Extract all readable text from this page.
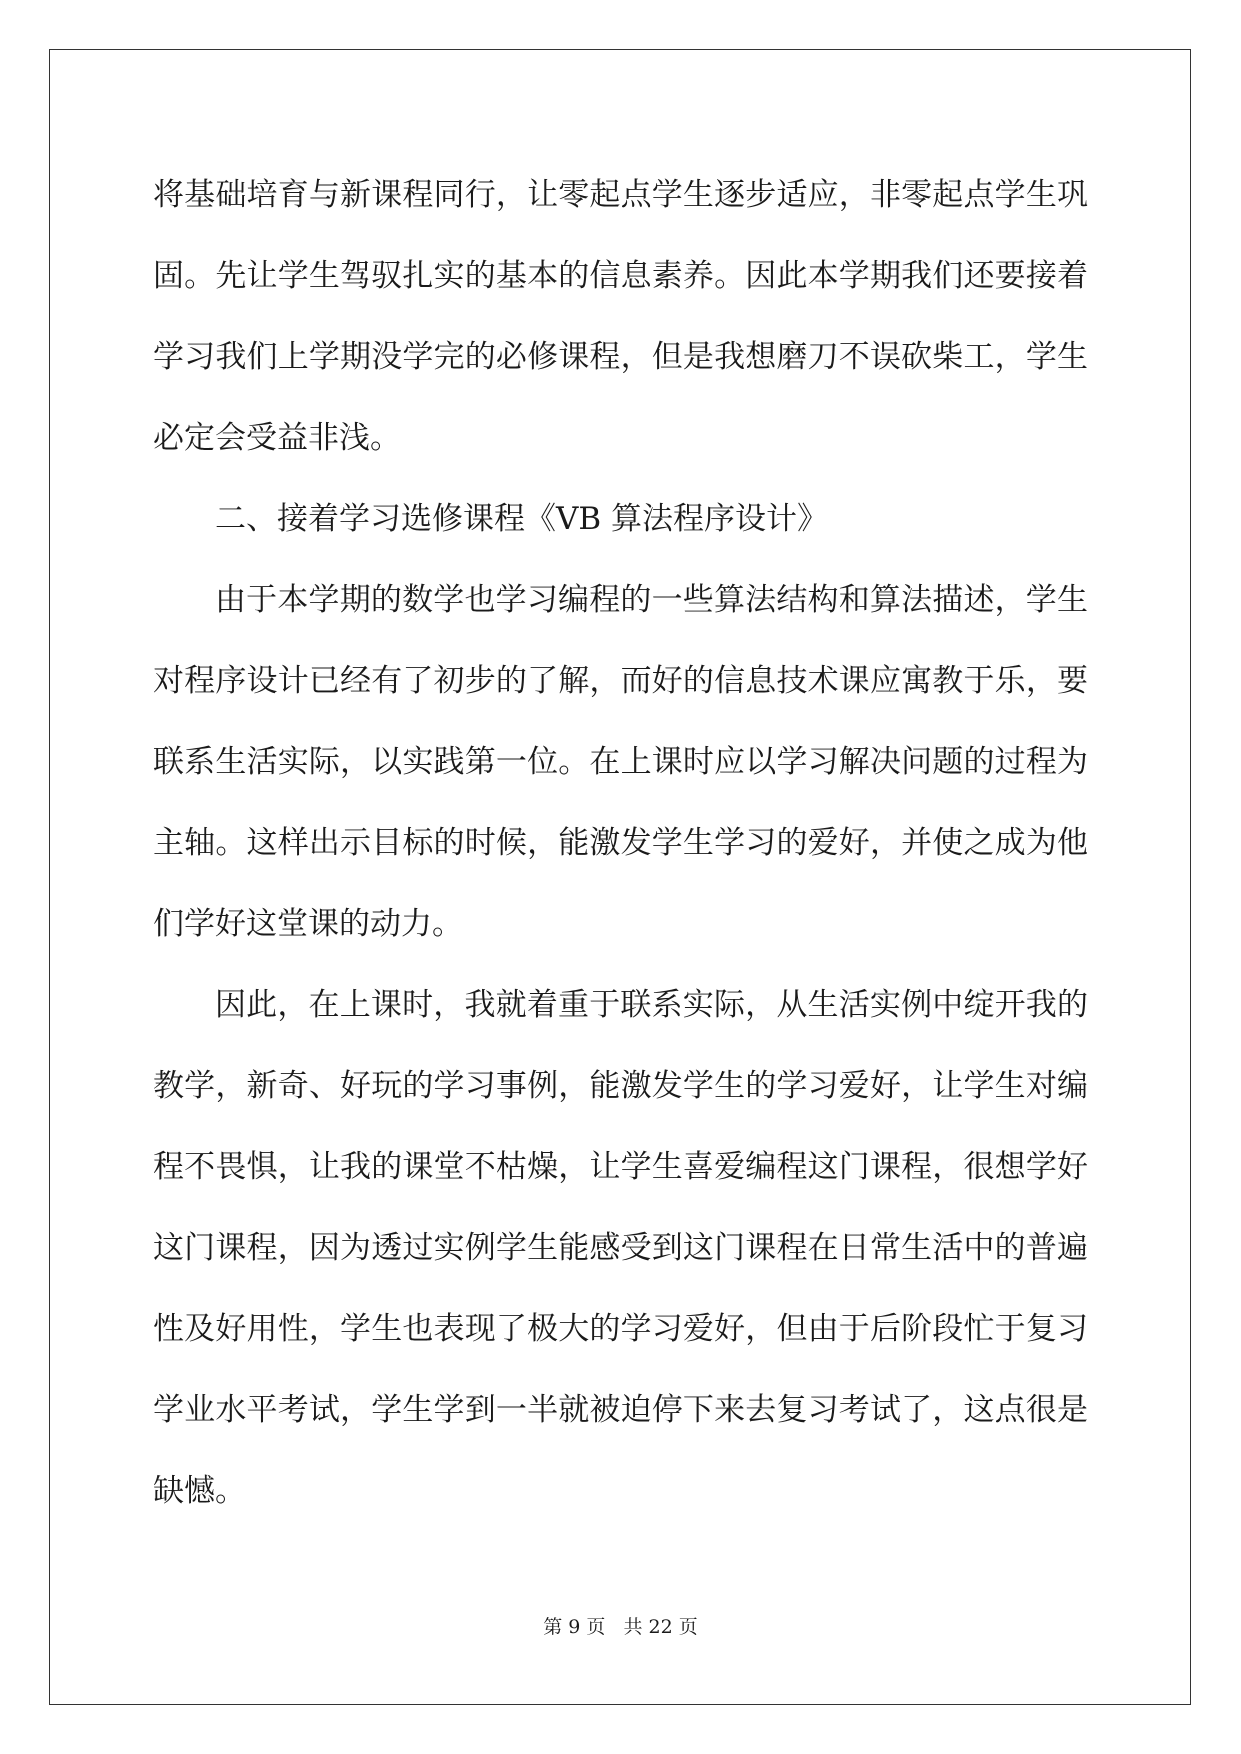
将基础培育与新课程同行，让零起点学生逐步适应，非零起点学生巩
固。先让学生驾驭扎实的基本的信息素养。因此本学期我们还要接着
学习我们上学期没学完的必修课程，但是我想磨刀不误砍柴工，学生
必定会受益非浅。
二、接着学习选修课程《VB 算法程序设计》
由于本学期的数学也学习编程的一些算法结构和算法描述，学生
对程序设计已经有了初步的了解，而好的信息技术课应寓教于乐，要
联系生活实际，以实践第一位。在上课时应以学习解决问题的过程为
主轴。这样出示目标的时候，能激发学生学习的爱好，并使之成为他
们学好这堂课的动力。
因此，在上课时，我就着重于联系实际，从生活实例中绽开我的
教学，新奇、好玩的学习事例，能激发学生的学习爱好，让学生对编
程不畏惧，让我的课堂不枯燥，让学生喜爱编程这门课程，很想学好
这门课程，因为透过实例学生能感受到这门课程在日常生活中的普遍
性及好用性，学生也表现了极大的学习爱好，但由于后阶段忙于复习
学业水平考试，学生学到一半就被迫停下来去复习考试了，这点很是
缺憾。
第 9 页   共 22 页
